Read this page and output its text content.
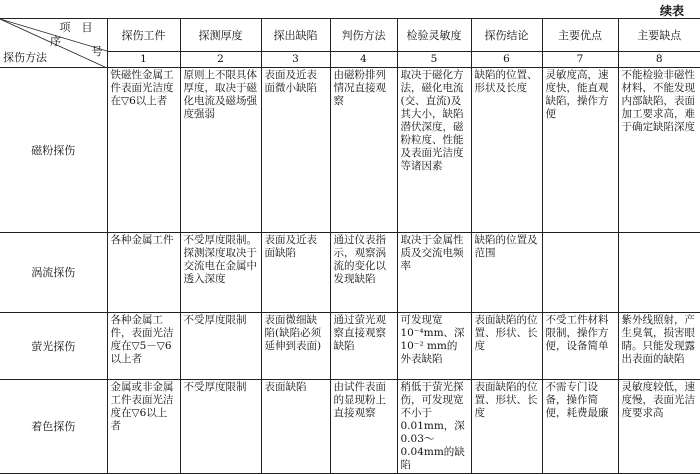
续表
项　目
序
号
探伤方法	探伤工件	探测厚度	探出缺陷	判伤方法	检验灵敏度	探伤结论	主要优点	主要缺点
	1	2	3	4	5	6	7	8
磁粉探伤	铁磁性金属工件表面光洁度在▽6以上者	原则上不限具体厚度，取决于磁化电流及磁场强度强弱	表面及近表面微小缺陷	由磁粉排列情况直接观察	取决于磁化方法，磁化电流(交、直流)及其大小，缺陷潜伏深度，磁粉粒度、性能及表面光洁度等诸因素	缺陷的位置、形状及长度	灵敏度高，速度快，能直观缺陷，操作方便	不能检验非磁性材料，不能发现内部缺陷，表面加工要求高，难于确定缺陷深度
涡流探伤	各种金属工件	不受厚度限制。探测深度取决于交流电在金属中透入深度	表面及近表面缺陷	通过仪表指示，观察涡流的变化以发现缺陷	取决于金属性质及交流电频率	缺陷的位置及范围		
萤光探伤	各种金属工件，表面光洁度在▽5－▽6以上者	不受厚度限制	表面微细缺陷(缺陷必须延伸到表面)	通过萤光观察直接观察缺陷	可发现宽10⁻⁴mm、深10⁻² mm的外表缺陷	表面缺陷的位置、形状、长度	不受工件材料限制，操作方便，设备简单	紫外线照射，产生臭氧，损害眼睛。只能发现露出表面的缺陷
着色探伤	金属或非金属工件表面光洁度在▽6以上者	不受厚度限制	表面缺陷	由试件表面的显现粉上直接观察	稍低于萤光探伤，可发现宽不小于0.01mm，深0.03～0.04mm的缺陷	表面缺陷的位置、形状、长度	不需专门设备，操作简便，耗费最廉	灵敏度较低，速度慢，表面光洁度要求高
